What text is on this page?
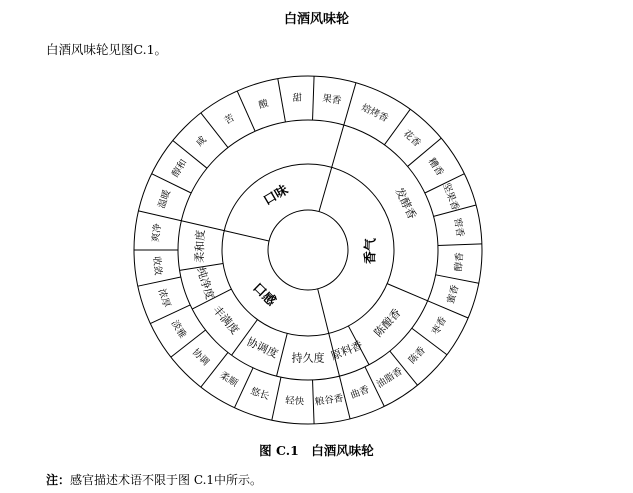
白酒风味轮
白酒风味轮见图C.1。
口味
香气
口感
发酵香
陈酿香
原料香
持久度
协调度
丰满度
纯净度
柔和度
果香
焙烤香
花香
糟香
坚果香
窖香
醇香
蜜香
枣香
陈香
油脂香
曲香
粮谷香
轻快
悠长
柔顺
协调
淡雅
浓厚
收敛
爽净
温暖
醇和
咸
苦
酸 甜
图 C.1　白酒风味轮
注：感官描述术语不限于图 C.1中所示。
